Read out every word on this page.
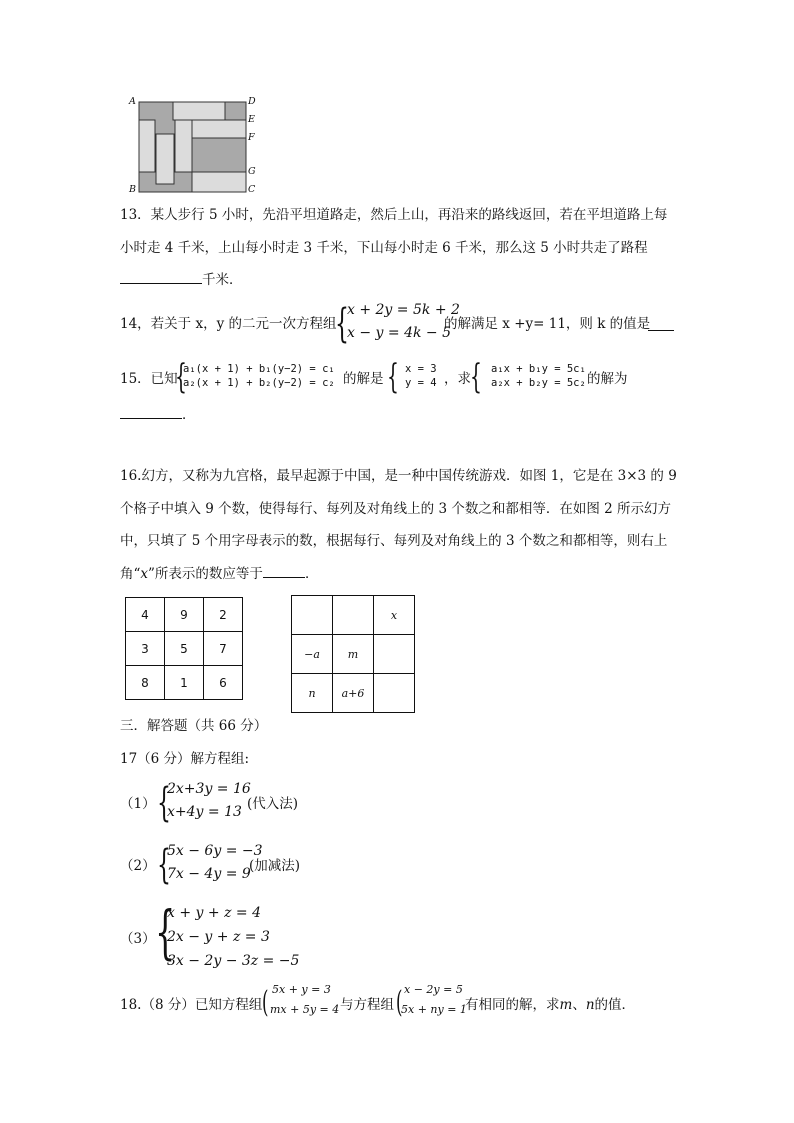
A	D
E
F
G
B	C
13．某人步行 5 小时，先沿平坦道路走，然后上山，再沿来的路线返回，若在平坦道路上每
小时走 4 千米，上山每小时走 3 千米，下山每小时走 6 千米，那么这 5 小时共走了路程
千米．
14，若关于 x，y 的二元一次方程组
{
x + 2y = 5k + 2
x − y = 4k − 5
的解满足 x +y= 11，则 k 的值是
15．已知
{
a₁(x + 1) + b₁(y−2) = c₁
a₂(x + 1) + b₂(y−2) = c₂ 的解是 { x = 3
y = 4 ，求 { a₁x + b₁y = 5c₁
a₂x + b₂y = 5c₂ 的解为
．
16.幻方，又称为九宫格，最早起源于中国，是一种中国传统游戏．如图 1，它是在 3×3 的 9
个格子中填入 9 个数，使得每行、每列及对角线上的 3 个数之和都相等．在如图 2 所示幻方
中，只填了 5 个用字母表示的数，根据每行、每列及对角线上的 3 个数之和都相等，则右上
角“x”所表示的数应等于	．
4	9	2
3	5	7
8	1	6
		x
−a	m	
n	a+6	
三．解答题（共 66 分）
17（6 分）解方程组:
（1） {
2x+3y = 16
x+4y = 13 (代入法)
（2） {
5x − 6y = −3
7x − 4y = 9
(加减法)
（3） {
x + y + z = 4
2x − y + z = 3
3x − 2y − 3z = −5
18.（8 分）已知方程组 ( 5x + y = 3
mx + 5y = 4 与方程组 ( x − 2y = 5
5x + ny = 1
有相同的解，求m、n的值．
